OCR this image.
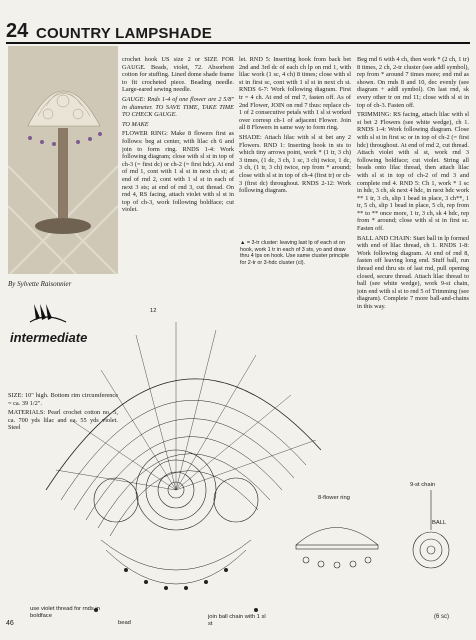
24 COUNTRY LAMPSHADE
By Sylvette Raisonnier
intermediate

SIZE: 10" high. Bottom rim circumference = ca. 39 1/2".

MATERIALS: Pearl crochet cotton no. 5, ca. 700 yds lilac and ca. 55 yds violet. Steel

crochet hook US size 2 or SIZE FOR GAUGE. Beads, violet, 72. Absorbent cotton for stuffing. Lined dome shade frame to fit crocheted piece. Beading needle. Large-eared sewing needle.

GAUGE: Rnds 1-4 of one flower are 2 5/8" in diameter. TO SAVE TIME, TAKE TIME TO CHECK GAUGE.

TO MAKE

FLOWER RING: Make 8 flowers first as follows: beg at center, with lilac ch 6 and join to form ring. RNDS 1-4: Work following diagram; close with sl st in top of ch-3 (= first dc) or ch-2 (= first hdc). At end of rnd 1, cont with 1 sl st in next ch st; at end of rnd 2, cont with 1 sl st in each of next 3 sts; at end of rnd 3, cut thread. On rnd 4, RS facing, attach violet with sl st in top of ch-3, work following boldface; cut violet.

let. RND 5: Inserting hook from back bet 2nd and 3rd dc of each ch lp on rnd 1, with lilac work (1 sc, 4 ch) 8 times; close with sl st in first sc, cont with 1 sl st in next ch st. RNDS 6-7: Work following diagram. First tr = 4 ch. At end of rnd 7, fasten off. As of 2nd Flower, JOIN on rnd 7 thus: replace ch-1 of 2 consecutive petals with 1 sl st worked over corresp ch-1 of adjacent Flower. Join all 8 Flowers in same way to form ring.

SHADE: Attach lilac with sl st bet any 2 Flowers. RND 1: Inserting hook in sts to which tiny arrows point, work * (1 tr, 3 ch) 3 times, (1 dc, 3 ch, 1 sc, 3 ch) twice, 1 dc, 3 ch, (1 tr, 3 ch) twice, rep from * around; close with sl st in top of ch-4 (first tr) or ch-3 (first dc) throughout. RNDS 2-12: Work following diagram.

▲ = 3-tr cluster: leaving last lp of each st on hook, work 1 tr in each of 3 sts, yo and draw thru 4 lps on hook. Use same cluster principle for 2-tr or 3-hdc cluster (cl).

Beg rnd 6 with 4 ch, then work * (2 ch, 1 tr) 8 times, 2 ch, 2-tr cluster (see addl symbol), rep from * around 7 times more; end rnd as shown. On rnds 8 and 10, dec evenly (see diagram + addl symbol). On last rnd, sk every other tr on rnd 11; close with sl st in top of ch-3. Fasten off.

TRIMMING: RS facing, attach lilac with sl st bet 2 Flowers (see white wedge), ch 1. RNDS 1-4: Work following diagram. Close with sl st in first sc or in top of ch-2 (= first hdc) throughout. At end of rnd 2, cut thread. Attach violet with sl st, work rnd 3 following boldface; cut violet. String all beads onto lilac thread, then attach lilac with sl st in top of ch-2 of rnd 3 and complete rnd 4. RND 5: Ch 1, work * 1 sc in hdc, 3 ch, sk next 4 hdc, in next hdc work ** 1 tr, 3 ch, slip 1 bead in place, 3 ch**, 1 tr, 5 ch, slip 1 bead in place, 5 ch, rep from ** to ** once more, 1 tr, 3 ch, sk 4 hdc, rep from * around; close with sl st in first sc. Fasten off.

BALL AND CHAIN: Start ball in lp formed with end of lilac thread, ch 1. RNDS 1-8: Work following diagram. At end of rnd 8, fasten off leaving long end. Stuff ball, run thread end thru sts of last rnd, pull opening closed, secure thread. Attach lilac thread to ball (see white wedge), work 9-st chain, join end with sl st to rnd 5 of Trimming (see diagram). Complete 7 more ball-and-chains in this way.

12
8-flower ring
9-st chain
BALL
use violet thread for rnds in boldface
bead
join ball chain with 1 sl st
46
(6 sc)
